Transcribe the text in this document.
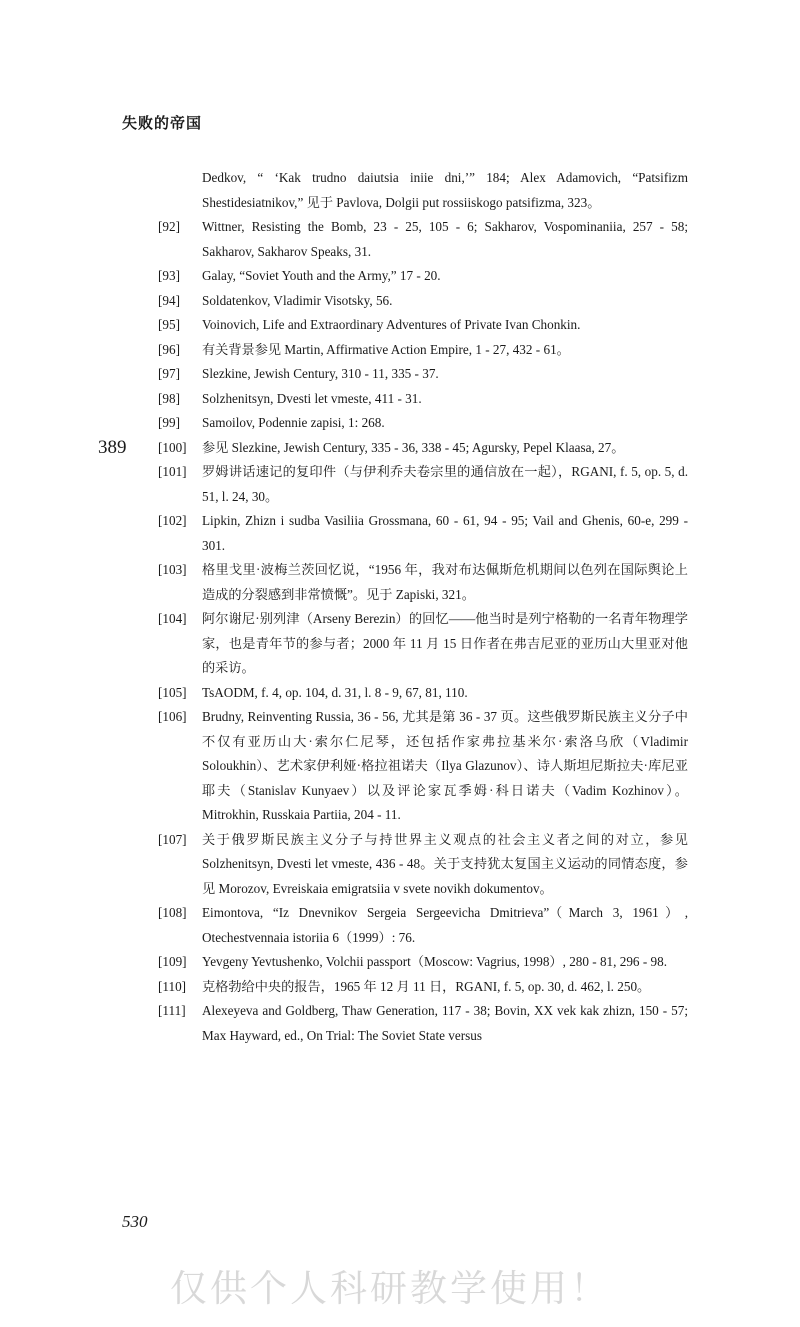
失败的帝国
389
Dedkov, “ ‘Kak trudno daiutsia iniie dni,’” 184; Alex Adamovich, “Patsifizm Shestidesiatnikov,” 见于 Pavlova, Dolgii put rossiiskogo patsifizma, 323。
[92] Wittner, Resisting the Bomb, 23 - 25, 105 - 6; Sakharov, Vospominaniia, 257 - 58; Sakharov, Sakharov Speaks, 31.
[93] Galay, “Soviet Youth and the Army,” 17 - 20.
[94] Soldatenkov, Vladimir Visotsky, 56.
[95] Voinovich, Life and Extraordinary Adventures of Private Ivan Chonkin.
[96] 有关背景参见 Martin, Affirmative Action Empire, 1 - 27, 432 - 61。
[97] Slezkine, Jewish Century, 310 - 11, 335 - 37.
[98] Solzhenitsyn, Dvesti let vmeste, 411 - 31.
[99] Samoilov, Podennie zapisi, 1: 268.
[100] 参见 Slezkine, Jewish Century, 335 - 36, 338 - 45; Agursky, Pepel Klaasa, 27。
[101] 罗姆讲话速记的复印件（与伊利乔夫卷宗里的通信放在一起），RGANI, f. 5, op. 5, d. 51, l. 24, 30。
[102] Lipkin, Zhizn i sudba Vasiliia Grossmana, 60 - 61, 94 - 95; Vail and Ghenis, 60-e, 299 - 301.
[103] 格里戈里·波梅兰茨回忆说，“1956 年，我对布达佩斯危机期间以色列在国际舆论上造成的分裂感到非常愤慨”。见于 Zapiski, 321。
[104] 阿尔谢尼·别列津（Arseny Berezin）的回忆——他当时是列宁格勒的一名青年物理学家，也是青年节的参与者；2000 年 11 月 15 日作者在弗吉尼亚的亚历山大里亚对他的采访。
[105] TsAODM, f. 4, op. 104, d. 31, l. 8 - 9, 67, 81, 110.
[106] Brudny, Reinventing Russia, 36 - 56, 尤其是第 36 - 37 页。这些俄罗斯民族主义分子中不仅有亚历山大·索尔仁尼琴，还包括作家弗拉基米尔·索洛乌欣（Vladimir Soloukhin）、艺术家伊利娅·格拉祖诺夫（Ilya Glazunov）、诗人斯坦尼斯拉夫·库尼亚耶夫（Stanislav Kunyaev）以及评论家瓦季姆·科日诺夫（Vadim Kozhinov）。Mitrokhin, Russkaia Partiia, 204 - 11.
[107] 关于俄罗斯民族主义分子与持世界主义观点的社会主义者之间的对立，参见 Solzhenitsyn, Dvesti let vmeste, 436 - 48。关于支持犹太复国主义运动的同情态度，参见 Morozov, Evreiskaia emigratsiia v svete novikh dokumentov。
[108] Eimontova, “Iz Dnevnikov Sergeia Sergeevicha Dmitrieva”（March 3, 1961）, Otechestvennaia istoriia 6（1999）: 76.
[109] Yevgeny Yevtushenko, Volchii passport（Moscow: Vagrius, 1998）, 280 - 81, 296 - 98.
[110] 克格勃给中央的报告，1965 年 12 月 11 日，RGANI, f. 5, op. 30, d. 462, l. 250。
[111] Alexeyeva and Goldberg, Thaw Generation, 117 - 38; Bovin, XX vek kak zhizn, 150 - 57; Max Hayward, ed., On Trial: The Soviet State versus
530
仅供个人科研教学使用！
